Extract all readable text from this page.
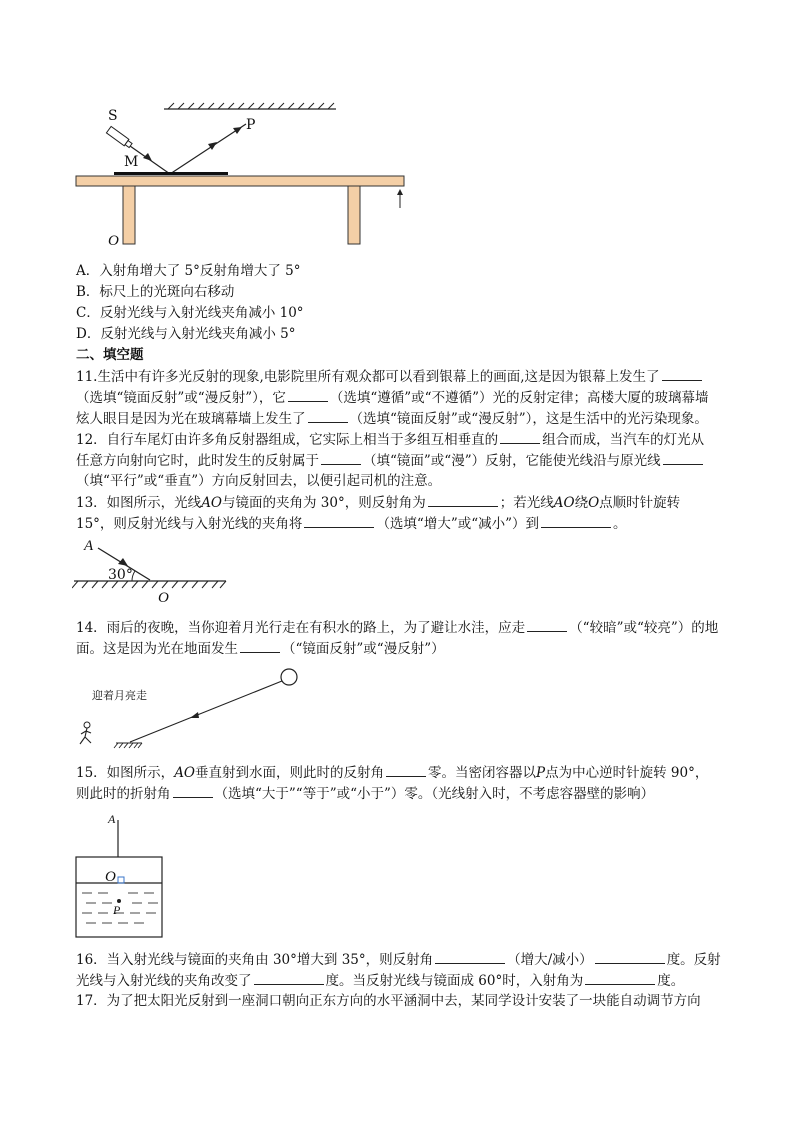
S
P
M
O
A．入射角增大了 5°反射角增大了 5°
B．标尺上的光斑向右移动
C．反射光线与入射光线夹角减小 10°
D．反射光线与入射光线夹角减小 5°
二、填空题
11.生活中有许多光反射的现象,电影院里所有观众都可以看到银幕上的画面,这是因为银幕上发生了
（选填“镜面反射”或“漫反射”），它	（选填“遵循”或“不遵循”）光的反射定律；高楼大厦的玻璃幕墙
炫人眼目是因为光在玻璃幕墙上发生了	（选填“镜面反射”或“漫反射”），这是生活中的光污染现象。
12．自行车尾灯由许多角反射器组成，它实际上相当于多组互相垂直的	组合而成，当汽车的灯光从
任意方向射向它时，此时发生的反射属于	（填“镜面”或“漫”）反射，它能使光线沿与原光线
（填“平行”或“垂直”）方向反射回去，以便引起司机的注意。
13．如图所示，光线AO与镜面的夹角为 30°，则反射角为	；若光线AO绕O点顺时针旋转
15°，则反射光线与入射光线的夹角将	（选填“增大”或“减小”）到	。
A
30°
O
14．雨后的夜晚，当你迎着月光行走在有积水的路上，为了避让水洼，应走	（“较暗”或“较亮”）的地
面。这是因为光在地面发生	（“镜面反射”或“漫反射”）
迎着月亮走
15．如图所示，AO垂直射到水面，则此时的反射角	零。当密闭容器以P点为中心逆时针旋转 90°，
则此时的折射角	（选填“大于”“等于”或“小于”）零。（光线射入时，不考虑容器壁的影响）
A
O
P
16．当入射光线与镜面的夹角由 30°增大到 35°，则反射角	（增大/减小）	度。反射
光线与入射光线的夹角改变了	度。当反射光线与镜面成 60°时，入射角为	度。
17．为了把太阳光反射到一座洞口朝向正东方向的水平涵洞中去，某同学设计安装了一块能自动调节方向
